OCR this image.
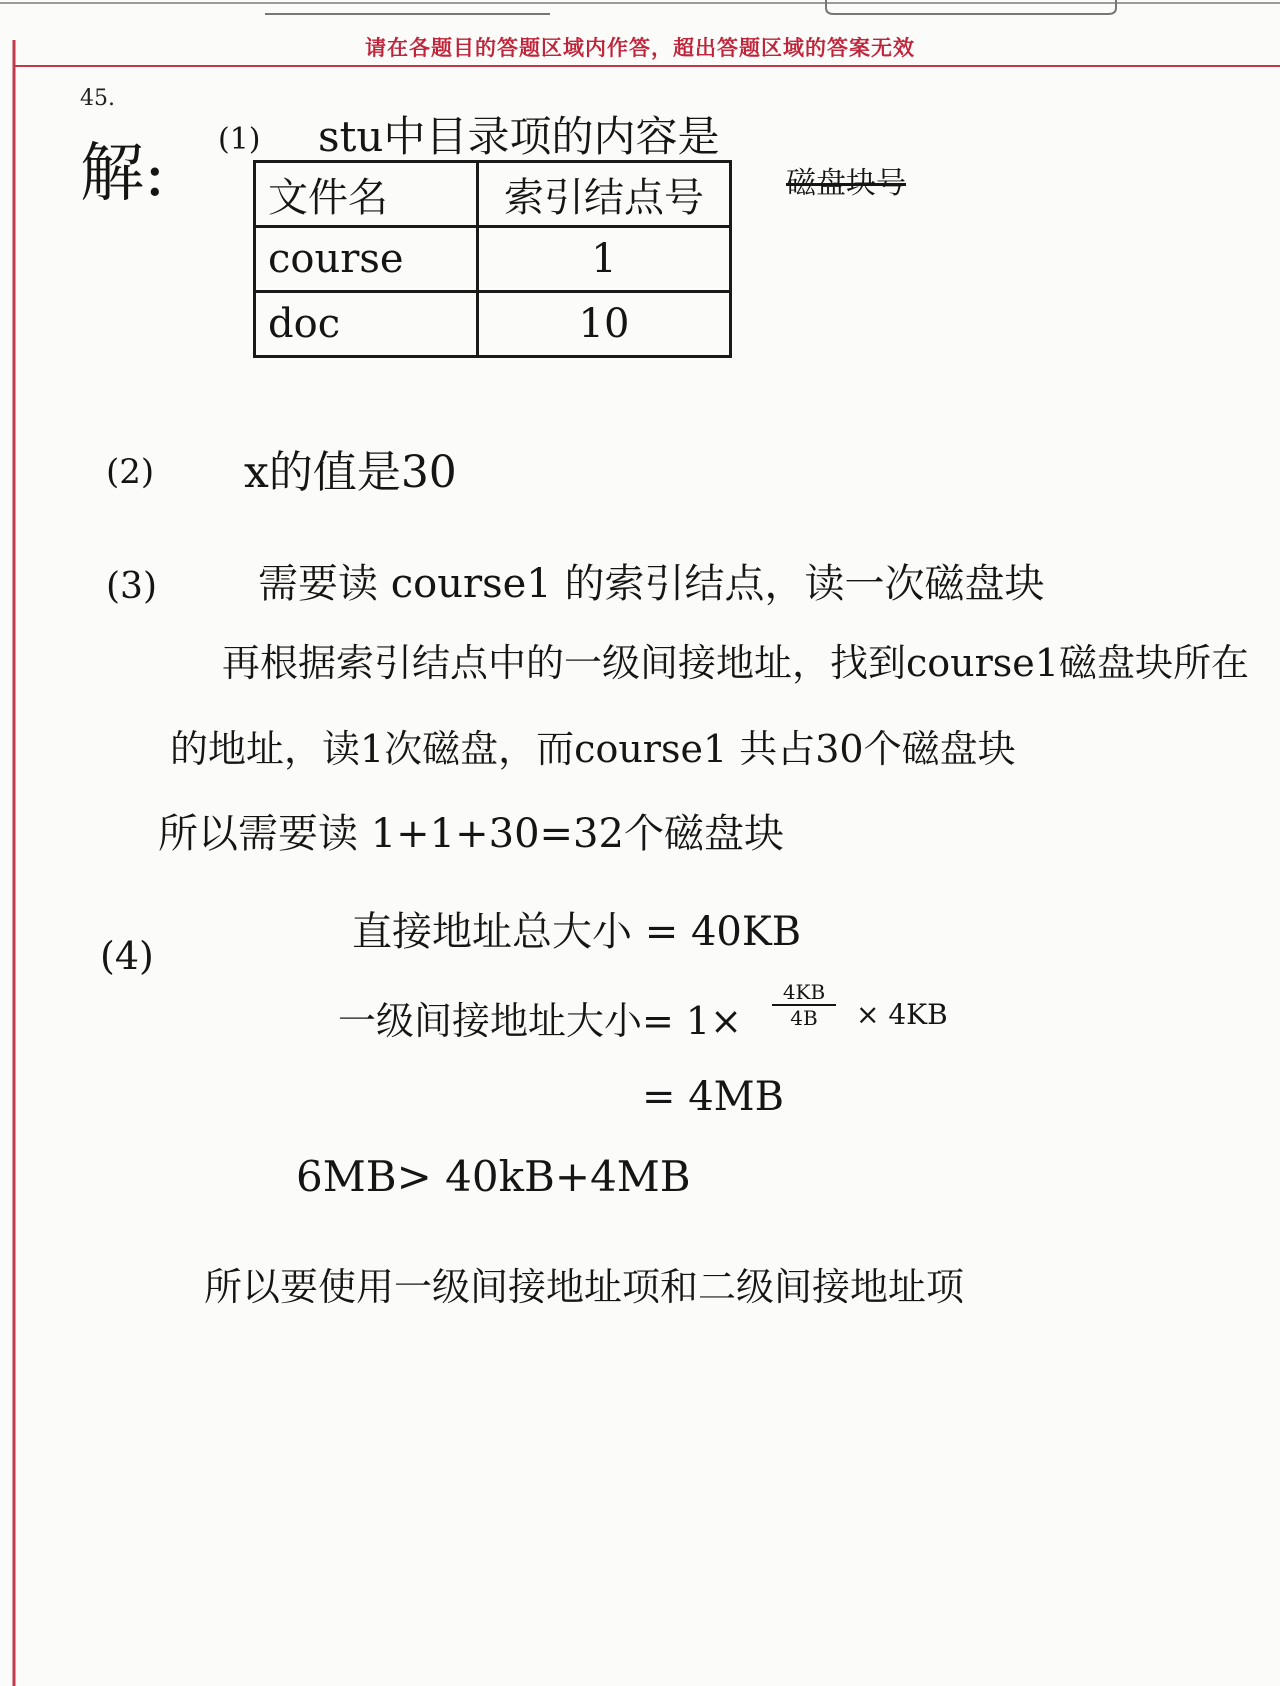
请在各题目的答题区域内作答，超出答题区域的答案无效
45.
解: (1) stu中目录项的内容是
磁盘块号
文件名	索引结点号
course	1
doc	10
(2) x的值是30
(3)	需要读 course1 的索引结点，读一次磁盘块
再根据索引结点中的一级间接地址，找到course1磁盘块所在
的地址，读1次磁盘，而course1 共占30个磁盘块
所以需要读 1+1+30=32个磁盘块
(4)
直接地址总大小 = 40KB
一级间接地址大小= $1\times \frac{4KB}{4B} \times 4KB$
= 4MB
6MB> 40kB+4MB
所以要使用一级间接地址项和二级间接地址项
